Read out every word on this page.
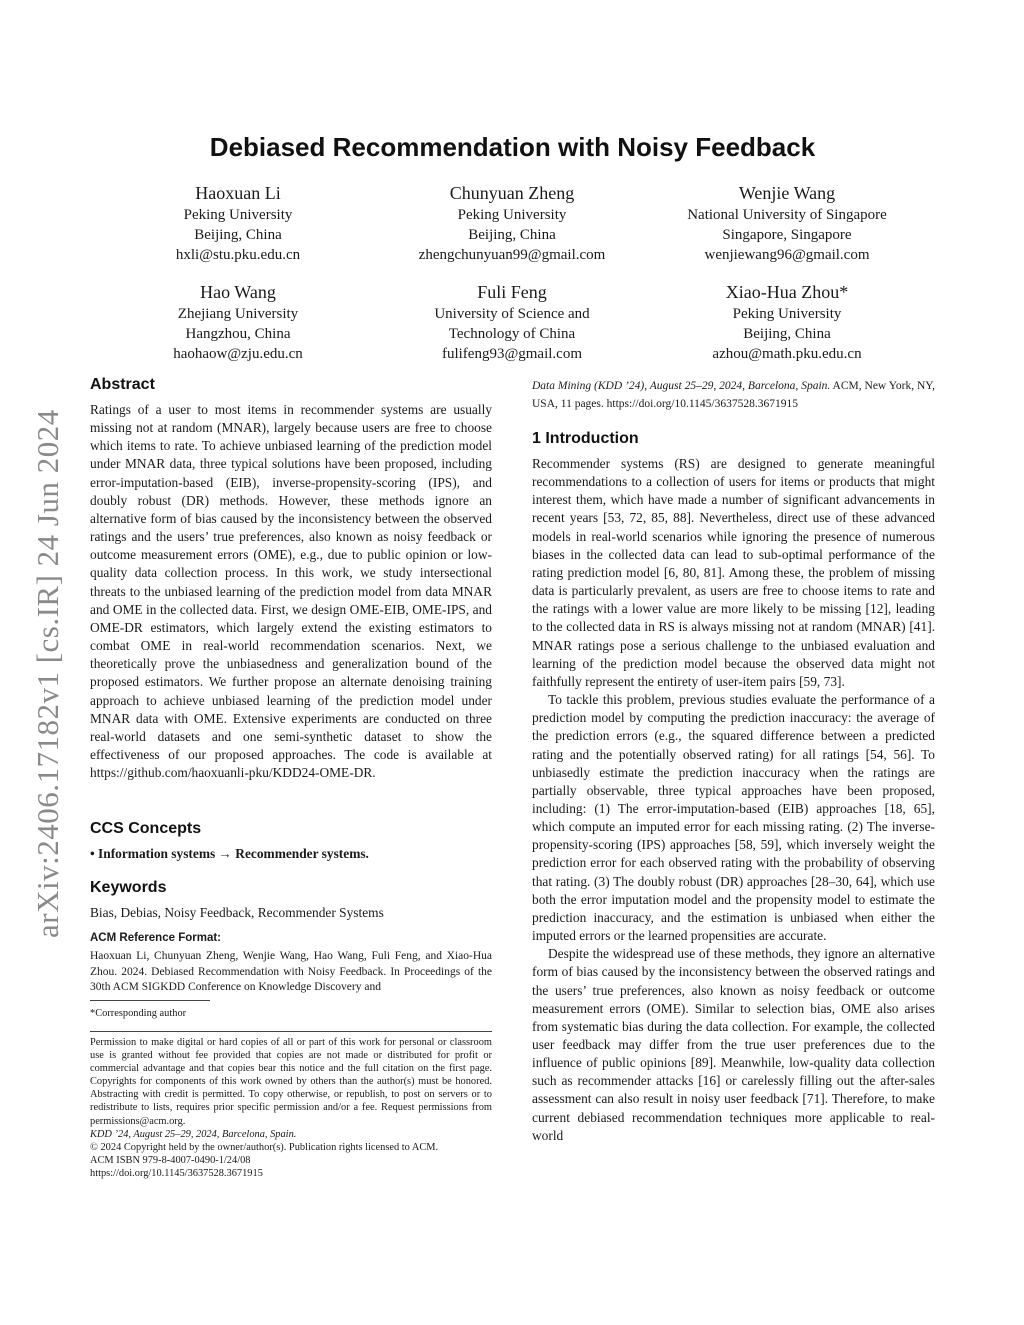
arXiv:2406.17182v1 [cs.IR] 24 Jun 2024
Debiased Recommendation with Noisy Feedback
Haoxuan Li
Peking University
Beijing, China
hxli@stu.pku.edu.cn
Chunyuan Zheng
Peking University
Beijing, China
zhengchunyuan99@gmail.com
Wenjie Wang
National University of Singapore
Singapore, Singapore
wenjiewang96@gmail.com
Hao Wang
Zhejiang University
Hangzhou, China
haohaow@zju.edu.cn
Fuli Feng
University of Science and
Technology of China
fulifeng93@gmail.com
Xiao-Hua Zhou*
Peking University
Beijing, China
azhou@math.pku.edu.cn
Abstract

Ratings of a user to most items in recommender systems are usually missing not at random (MNAR), largely because users are free to choose which items to rate. To achieve unbiased learning of the prediction model under MNAR data, three typical solutions have been proposed, including error-imputation-based (EIB), inverse-propensity-scoring (IPS), and doubly robust (DR) methods. However, these methods ignore an alternative form of bias caused by the inconsistency between the observed ratings and the users’ true preferences, also known as noisy feedback or outcome measurement errors (OME), e.g., due to public opinion or low-quality data collection process. In this work, we study intersectional threats to the unbiased learning of the prediction model from data MNAR and OME in the collected data. First, we design OME-EIB, OME-IPS, and OME-DR estimators, which largely extend the existing estimators to combat OME in real-world recommendation scenarios. Next, we theoretically prove the unbiasedness and generalization bound of the proposed estimators. We further propose an alternate denoising training approach to achieve unbiased learning of the prediction model under MNAR data with OME. Extensive experiments are conducted on three real-world datasets and one semi-synthetic dataset to show the effectiveness of our proposed approaches. The code is available at https://github.com/haoxuanli-pku/KDD24-OME-DR.

CCS Concepts

• Information systems → Recommender systems.

Keywords

Bias, Debias, Noisy Feedback, Recommender Systems

ACM Reference Format:
Haoxuan Li, Chunyuan Zheng, Wenjie Wang, Hao Wang, Fuli Feng, and Xiao-Hua Zhou. 2024. Debiased Recommendation with Noisy Feedback. In Proceedings of the 30th ACM SIGKDD Conference on Knowledge Discovery and
*Corresponding author
Permission to make digital or hard copies of all or part of this work for personal or classroom use is granted without fee provided that copies are not made or distributed for profit or commercial advantage and that copies bear this notice and the full citation on the first page. Copyrights for components of this work owned by others than the author(s) must be honored. Abstracting with credit is permitted. To copy otherwise, or republish, to post on servers or to redistribute to lists, requires prior specific permission and/or a fee. Request permissions from permissions@acm.org.
KDD ’24, August 25–29, 2024, Barcelona, Spain.
© 2024 Copyright held by the owner/author(s). Publication rights licensed to ACM.
ACM ISBN 979-8-4007-0490-1/24/08
https://doi.org/10.1145/3637528.3671915
Data Mining (KDD ’24), August 25–29, 2024, Barcelona, Spain. ACM, New York, NY, USA, 11 pages. https://doi.org/10.1145/3637528.3671915
1 Introduction

Recommender systems (RS) are designed to generate meaningful recommendations to a collection of users for items or products that might interest them, which have made a number of significant advancements in recent years [53, 72, 85, 88]. Nevertheless, direct use of these advanced models in real-world scenarios while ignoring the presence of numerous biases in the collected data can lead to sub-optimal performance of the rating prediction model [6, 80, 81]. Among these, the problem of missing data is particularly prevalent, as users are free to choose items to rate and the ratings with a lower value are more likely to be missing [12], leading to the collected data in RS is always missing not at random (MNAR) [41]. MNAR ratings pose a serious challenge to the unbiased evaluation and learning of the prediction model because the observed data might not faithfully represent the entirety of user-item pairs [59, 73].

To tackle this problem, previous studies evaluate the performance of a prediction model by computing the prediction inaccuracy: the average of the prediction errors (e.g., the squared difference between a predicted rating and the potentially observed rating) for all ratings [54, 56]. To unbiasedly estimate the prediction inaccuracy when the ratings are partially observable, three typical approaches have been proposed, including: (1) The error-imputation-based (EIB) approaches [18, 65], which compute an imputed error for each missing rating. (2) The inverse-propensity-scoring (IPS) approaches [58, 59], which inversely weight the prediction error for each observed rating with the probability of observing that rating. (3) The doubly robust (DR) approaches [28–30, 64], which use both the error imputation model and the propensity model to estimate the prediction inaccuracy, and the estimation is unbiased when either the imputed errors or the learned propensities are accurate.

Despite the widespread use of these methods, they ignore an alternative form of bias caused by the inconsistency between the observed ratings and the users’ true preferences, also known as noisy feedback or outcome measurement errors (OME). Similar to selection bias, OME also arises from systematic bias during the data collection. For example, the collected user feedback may differ from the true user preferences due to the influence of public opinions [89]. Meanwhile, low-quality data collection such as recommender attacks [16] or carelessly filling out the after-sales assessment can also result in noisy user feedback [71]. Therefore, to make current debiased recommendation techniques more applicable to real-world
